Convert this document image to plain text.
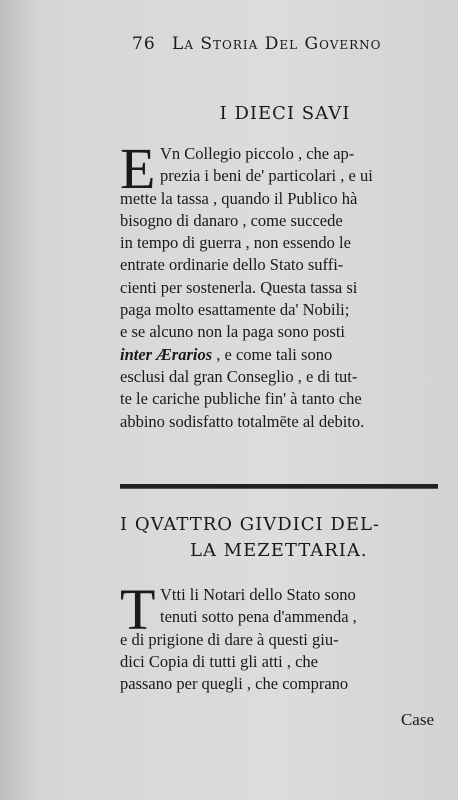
76 La Storia Del Governo
I DIECI SAVI
E Vn Collegio piccolo , che ap-
prezia i beni de' particolari , e ui
mette la tassa , quando il Publico hà
bisogno di danaro , come succede
in tempo di guerra , non essendo le
entrate ordinarie dello Stato suffi-
cienti per sostenerla. Questa tassa si
paga molto esattamente da' Nobili;
e se alcuno non la paga sono posti
inter Ærarios , e come tali sono
esclusi dal gran Conseglio , e di tut-
te le cariche publiche fin' à tanto che
abbino sodisfatto totalmēte al debito.
I QVATTRO GIVDICI DEL-
LA MEZETTARIA.
T Vtti li Notari dello Stato sono
tenuti sotto pena d'ammenda ,
e di prigione di dare à questi giu-
dici Copia di tutti gli atti , che
passano per quegli , che comprano
Case
